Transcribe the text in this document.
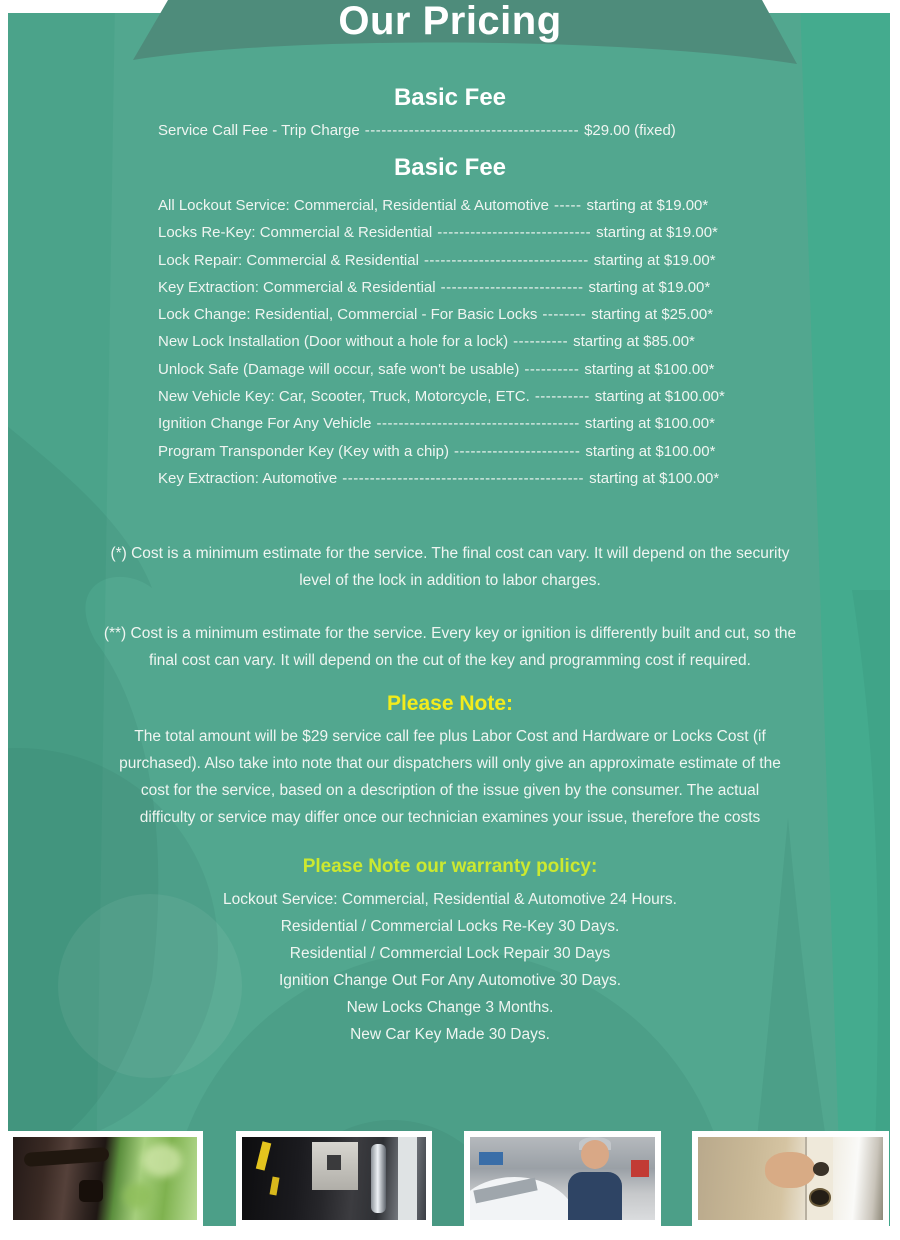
Our Pricing
Basic Fee
Service Call Fee - Trip Charge --------------------------------------- $29.00 (fixed)
Basic Fee
All Lockout Service: Commercial, Residential & Automotive ----- starting at $19.00*
Locks Re-Key: Commercial & Residential ---------------------------- starting at $19.00*
Lock Repair: Commercial & Residential ------------------------------ starting at $19.00*
Key Extraction: Commercial & Residential -------------------------- starting at $19.00*
Lock Change: Residential, Commercial - For Basic Locks -------- starting at $25.00*
New Lock Installation (Door without a hole for a lock) ---------- starting at $85.00*
Unlock Safe (Damage will occur, safe won't be usable) ---------- starting at $100.00*
New Vehicle Key: Car, Scooter, Truck, Motorcycle, ETC. ---------- starting at $100.00*
Ignition Change For Any Vehicle ------------------------------------- starting at $100.00*
Program Transponder Key (Key with a chip) ----------------------- starting at $100.00*
Key Extraction: Automotive -------------------------------------------- starting at $100.00*
(*) Cost is a minimum estimate for the service. The final cost can vary. It will depend on the security level of the lock in addition to labor charges.
(**) Cost is a minimum estimate for the service. Every key or ignition is differently built and cut, so the final cost can vary. It will depend on the cut of the key and programming cost if required.
Please Note:
The total amount will be $29 service call fee plus Labor Cost and Hardware or Locks Cost (if purchased). Also take into note that our dispatchers will only give an approximate estimate of the cost for the service, based on a description of the issue given by the consumer. The actual difficulty or service may differ once our technician examines your issue, therefore the costs
Please Note our warranty policy:
Lockout Service: Commercial, Residential & Automotive 24 Hours.
Residential / Commercial Locks Re-Key 30 Days.
Residential / Commercial Lock Repair 30 Days
Ignition Change Out For Any Automotive 30 Days.
New Locks Change 3 Months.
New Car Key Made 30 Days.
